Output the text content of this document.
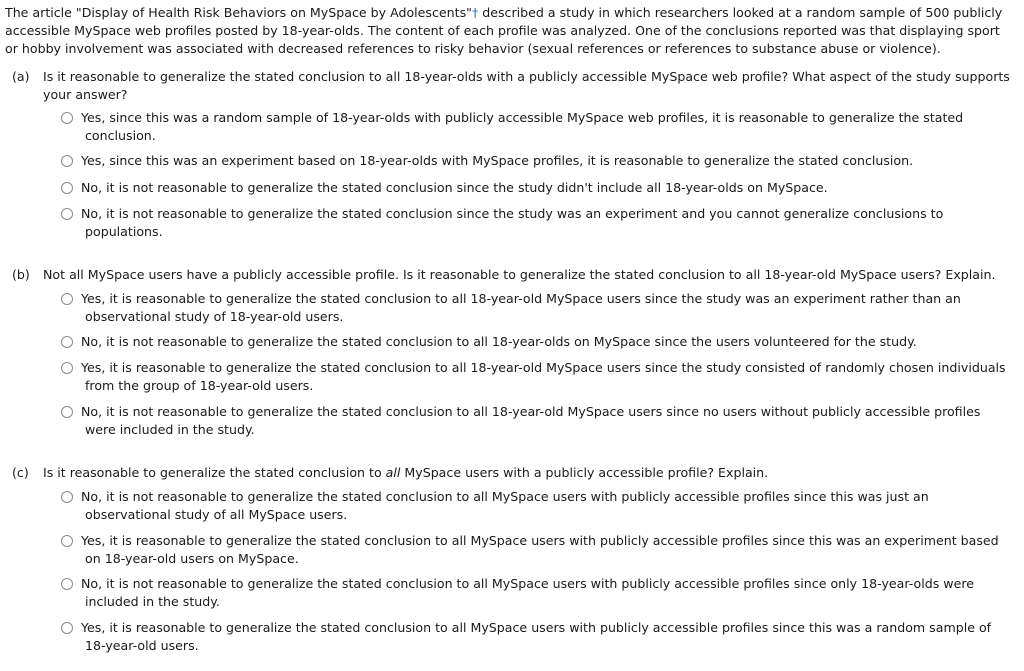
The article "Display of Health Risk Behaviors on MySpace by Adolescents"† described a study in which researchers looked at a random sample of 500 publicly
accessible MySpace web profiles posted by 18-year-olds. The content of each profile was analyzed. One of the conclusions reported was that displaying sport
or hobby involvement was associated with decreased references to risky behavior (sexual references or references to substance abuse or violence).
(a) Is it reasonable to generalize the stated conclusion to all 18-year-olds with a publicly accessible MySpace web profile? What aspect of the study supports
your answer?
Yes, since this was a random sample of 18-year-olds with publicly accessible MySpace web profiles, it is reasonable to generalize the stated
conclusion.
Yes, since this was an experiment based on 18-year-olds with MySpace profiles, it is reasonable to generalize the stated conclusion.
No, it is not reasonable to generalize the stated conclusion since the study didn't include all 18-year-olds on MySpace.
No, it is not reasonable to generalize the stated conclusion since the study was an experiment and you cannot generalize conclusions to
populations.
(b) Not all MySpace users have a publicly accessible profile. Is it reasonable to generalize the stated conclusion to all 18-year-old MySpace users? Explain.
Yes, it is reasonable to generalize the stated conclusion to all 18-year-old MySpace users since the study was an experiment rather than an
observational study of 18-year-old users.
No, it is not reasonable to generalize the stated conclusion to all 18-year-olds on MySpace since the users volunteered for the study.
Yes, it is reasonable to generalize the stated conclusion to all 18-year-old MySpace users since the study consisted of randomly chosen individuals
from the group of 18-year-old users.
No, it is not reasonable to generalize the stated conclusion to all 18-year-old MySpace users since no users without publicly accessible profiles
were included in the study.
(c) Is it reasonable to generalize the stated conclusion to all MySpace users with a publicly accessible profile? Explain.
No, it is not reasonable to generalize the stated conclusion to all MySpace users with publicly accessible profiles since this was just an
observational study of all MySpace users.
Yes, it is reasonable to generalize the stated conclusion to all MySpace users with publicly accessible profiles since this was an experiment based
on 18-year-old users on MySpace.
No, it is not reasonable to generalize the stated conclusion to all MySpace users with publicly accessible profiles since only 18-year-olds were
included in the study.
Yes, it is reasonable to generalize the stated conclusion to all MySpace users with publicly accessible profiles since this was a random sample of
18-year-old users.
